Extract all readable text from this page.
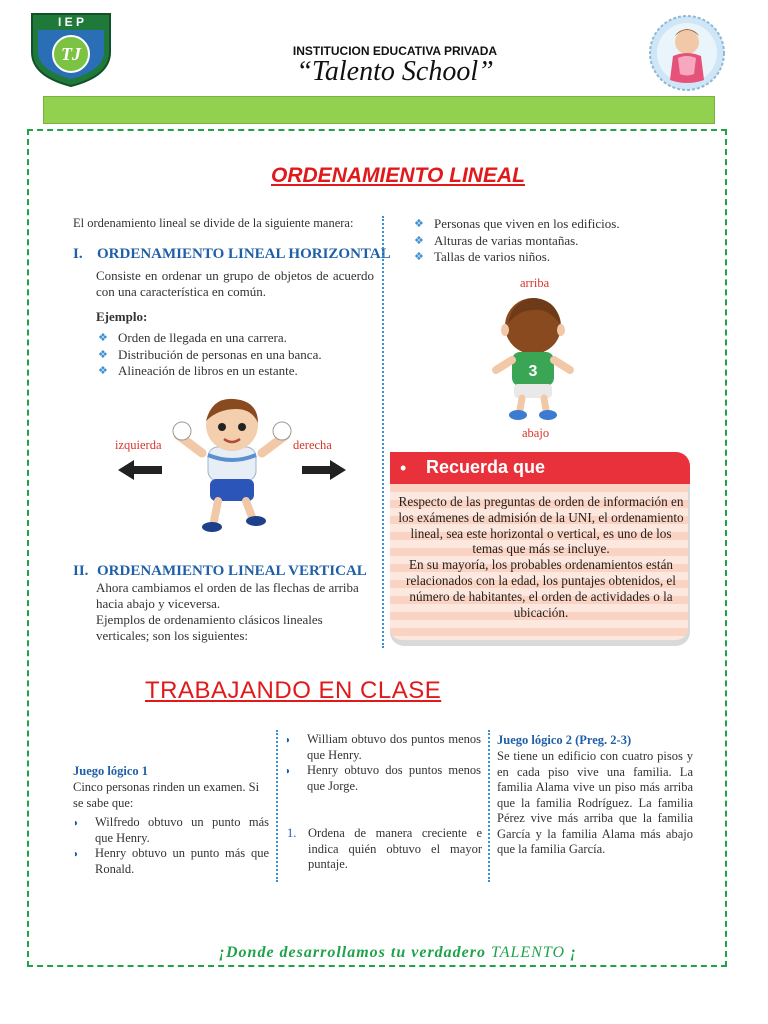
TJ
I E P
INSTITUCION EDUCATIVA PRIVADA
“Talento School”
ORDENAMIENTO LINEAL
El ordenamiento lineal se divide de la siguiente manera:
I. ORDENAMIENTO LINEAL HORIZONTAL
Consiste en ordenar un grupo de objetos de acuerdo con una característica en común.
Ejemplo:
❖ Orden de llegada en una carrera.
❖ Distribución de personas en una banca.
❖ Alineación de libros en un estante.
izquierda	derecha
II. ORDENAMIENTO LINEAL VERTICAL
Ahora cambiamos el orden de las flechas de arriba hacia abajo y viceversa.
Ejemplos de ordenamiento clásicos lineales verticales; son los siguientes:
❖ Personas que viven en los edificios.
❖ Alturas de varias montañas.
❖ Tallas de varios niños.
arriba
abajo
3
• Recuerda que
Respecto de las preguntas de orden de información en los exámenes de admisión de la UNI, el ordenamiento lineal, sea este horizontal o vertical, es uno de los temas que más se incluye.
En su mayoría, los probables ordenamientos están relacionados con la edad, los puntajes obtenidos, el número de habitantes, el orden de actividades o la ubicación.
TRABAJANDO EN CLASE
Juego lógico 1
Cinco personas rinden un examen. Si se sabe que:
◗ Wilfredo obtuvo un punto más que Henry.
◗ Henry obtuvo un punto más que Ronald.
◗ William obtuvo dos puntos menos que Henry.
◗ Henry obtuvo dos puntos menos que Jorge.
1. Ordena de manera creciente e indica quién obtuvo el mayor puntaje.
Juego lógico 2 (Preg. 2-3)
Se tiene un edificio con cuatro pisos y en cada piso vive una familia. La familia Alama vive un piso más arriba que la familia Rodríguez. La familia Pérez vive más arriba que la familia García y la familia Alama más abajo que la familia García.
¡Donde desarrollamos tu verdadero TALENTO ¡
